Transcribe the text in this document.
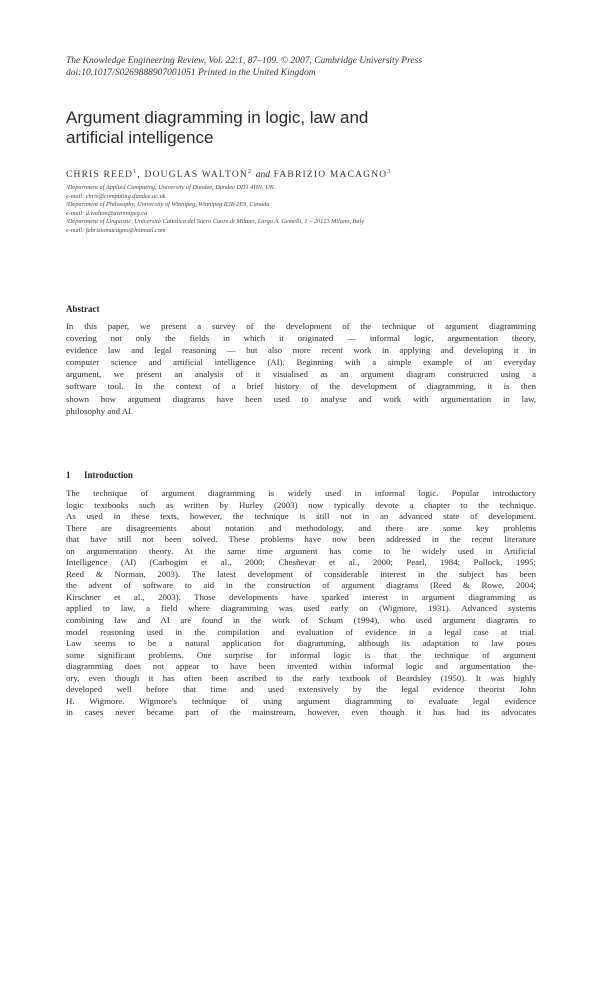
The Knowledge Engineering Review, Vol. 22:1, 87–109. © 2007, Cambridge University Press
doi:10.1017/S0269888907001051 Printed in the United Kingdom
Argument diagramming in logic, law and
artificial intelligence
CHRIS REED$^1$, DOUGLAS WALTON$^2$ and FABRIZIO MACAGNO$^3$
¹Department of Applied Computing, University of Dundee, Dundee DD1 4HN, UK
e-mail: chris@computing.dundee.ac.uk
²Department of Philosophy, University of Winnipeg, Winnipeg R3B 2E9, Canada
e-mail: d.walton@uwinnipeg.ca
³Department of Linguistic, Università Cattolica del Sacro Cuore di Milano, Largo A. Gemelli, 1 – 20123 Milano, Italy
e-mail: fabriziomacagno@hotmail.com
Abstract
In this paper, we present a survey of the development of the technique of argument diagramming
covering not only the fields in which it originated — informal logic, argumentation theory,
evidence law and legal reasoning — but also more recent work in applying and developing it in
computer science and artificial intelligence (AI). Beginning with a simple example of an everyday
argument, we present an analysis of it visualised as an argument diagram constructed using a
software tool. In the context of a brief history of the development of diagramming, it is then
shown how argument diagrams have been used to analyse and work with argumentation in law,
philosophy and AI.
1 Introduction
The technique of argument diagramming is widely used in informal logic. Popular introductory
logic textbooks such as written by Hurley (2003) now typically devote a chapter to the technique.
As used in these texts, however, the technique is still not in an advanced state of development.
There are disagreements about notation and methodology, and there are some key problems
that have still not been solved. These problems have now been addressed in the recent literature
on argumentation theory. At the same time argument has come to be widely used in Artificial
Intelligence (AI) (Carbogim et al., 2000; Chesñevar et al., 2000; Pearl, 1984; Pollock, 1995;
Reed & Norman, 2003). The latest development of considerable interest in the subject has been
the advent of software to aid in the construction of argument diagrams (Reed & Rowe, 2004;
Kirschner et al., 2003). Those developments have sparked interest in argument diagramming as
applied to law, a field where diagramming was used early on (Wigmore, 1931). Advanced systems
combining law and AI are found in the work of Schum (1994), who used argument diagrams to
model reasoning used in the compilation and evaluation of evidence in a legal case at trial.
Law seems to be a natural application for diagramming, although its adaptation to law poses
some significant problems. One surprise for informal logic is that the technique of argument
diagramming does not appear to have been invented within informal logic and argumentation the-
ory, even though it has often been ascribed to the early textbook of Beardsley (1950). It was highly
developed well before that time and used extensively by the legal evidence theorist John
H. Wigmore. Wigmore's technique of using argument diagramming to evaluate legal evidence
in cases never became part of the mainstream, however, even though it has had its advocates
